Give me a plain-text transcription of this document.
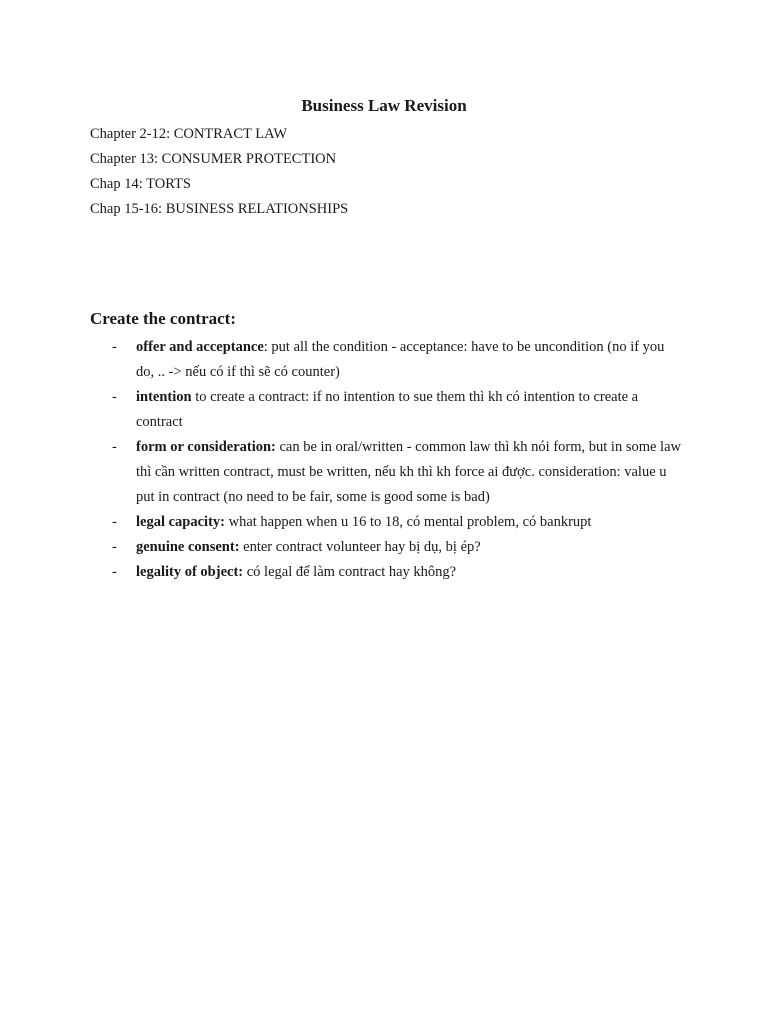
Business Law Revision
Chapter 2-12: CONTRACT LAW
Chapter 13: CONSUMER PROTECTION
Chap 14: TORTS
Chap 15-16: BUSINESS RELATIONSHIPS
Create the contract:
- offer and acceptance: put all the condition - acceptance: have to be uncondition (no if you do, .. -> nếu có if thì sẽ có counter)
- intention to create a contract: if no intention to sue them thì kh có intention to create a contract
- form or consideration: can be in oral/written - common law thì kh nói form, but in some law thì cần written contract, must be written, nếu kh thì kh force ai được. consideration: value u put in contract (no need to be fair, some is good some is bad)
- legal capacity: what happen when u 16 to 18, có mental problem, có bankrupt
- genuine consent: enter contract volunteer hay bị dụ, bị ép?
- legality of object: có legal để làm contract hay không?
